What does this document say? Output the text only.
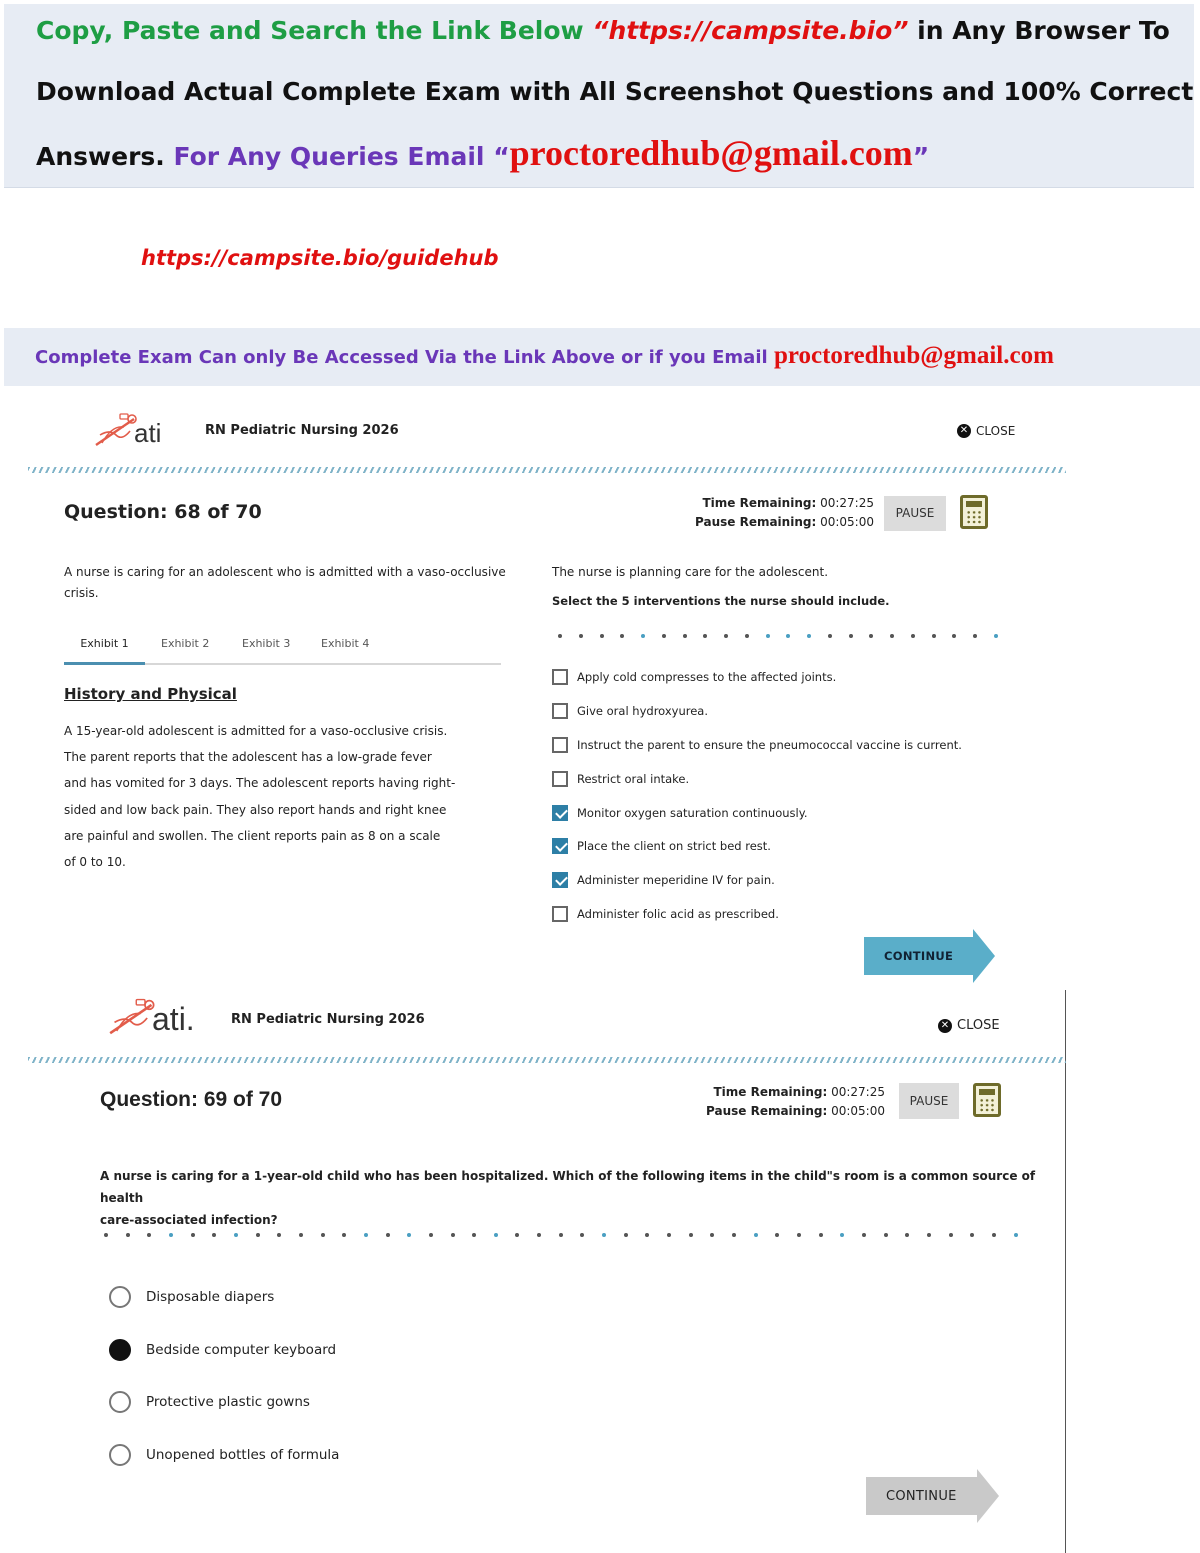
Copy, Paste and Search the Link Below “https://campsite.bio” in Any Browser To
Download Actual Complete Exam with All Screenshot Questions and 100% Correct
Answers. For Any Queries Email “proctoredhub@gmail.com”
https://campsite.bio/guidehub
Complete Exam Can only Be Accessed Via the Link Above or if you Email proctoredhub@gmail.com
ati	RN Pediatric Nursing 2026	✕ CLOSE
Question: 68 of 70	Time Remaining: 00:27:25
Pause Remaining: 00:05:00
PAUSE
A nurse is caring for an adolescent who is admitted with a vaso-occlusive crisis.
Exhibit 1	Exhibit 2	Exhibit 3	Exhibit 4
History and Physical
A 15-year-old adolescent is admitted for a vaso-occlusive crisis.
The parent reports that the adolescent has a low-grade fever
and has vomited for 3 days. The adolescent reports having right-
sided and low back pain. They also report hands and right knee
are painful and swollen. The client reports pain as 8 on a scale
of 0 to 10.
The nurse is planning care for the adolescent.
Select the 5 interventions the nurse should include.
Apply cold compresses to the affected joints.
Give oral hydroxyurea.
Instruct the parent to ensure the pneumococcal vaccine is current.
Restrict oral intake.
Monitor oxygen saturation continuously.
Place the client on strict bed rest.
Administer meperidine IV for pain.
Administer folic acid as prescribed.
CONTINUE
ati.	RN Pediatric Nursing 2026	✕ CLOSE
Question: 69 of 70	Time Remaining: 00:27:25
Pause Remaining: 00:05:00
PAUSE
A nurse is caring for a 1-year-old child who has been hospitalized. Which of the following items in the child"s room is a common source of health
care-associated infection?
Disposable diapers
Bedside computer keyboard
Protective plastic gowns
Unopened bottles of formula
CONTINUE
